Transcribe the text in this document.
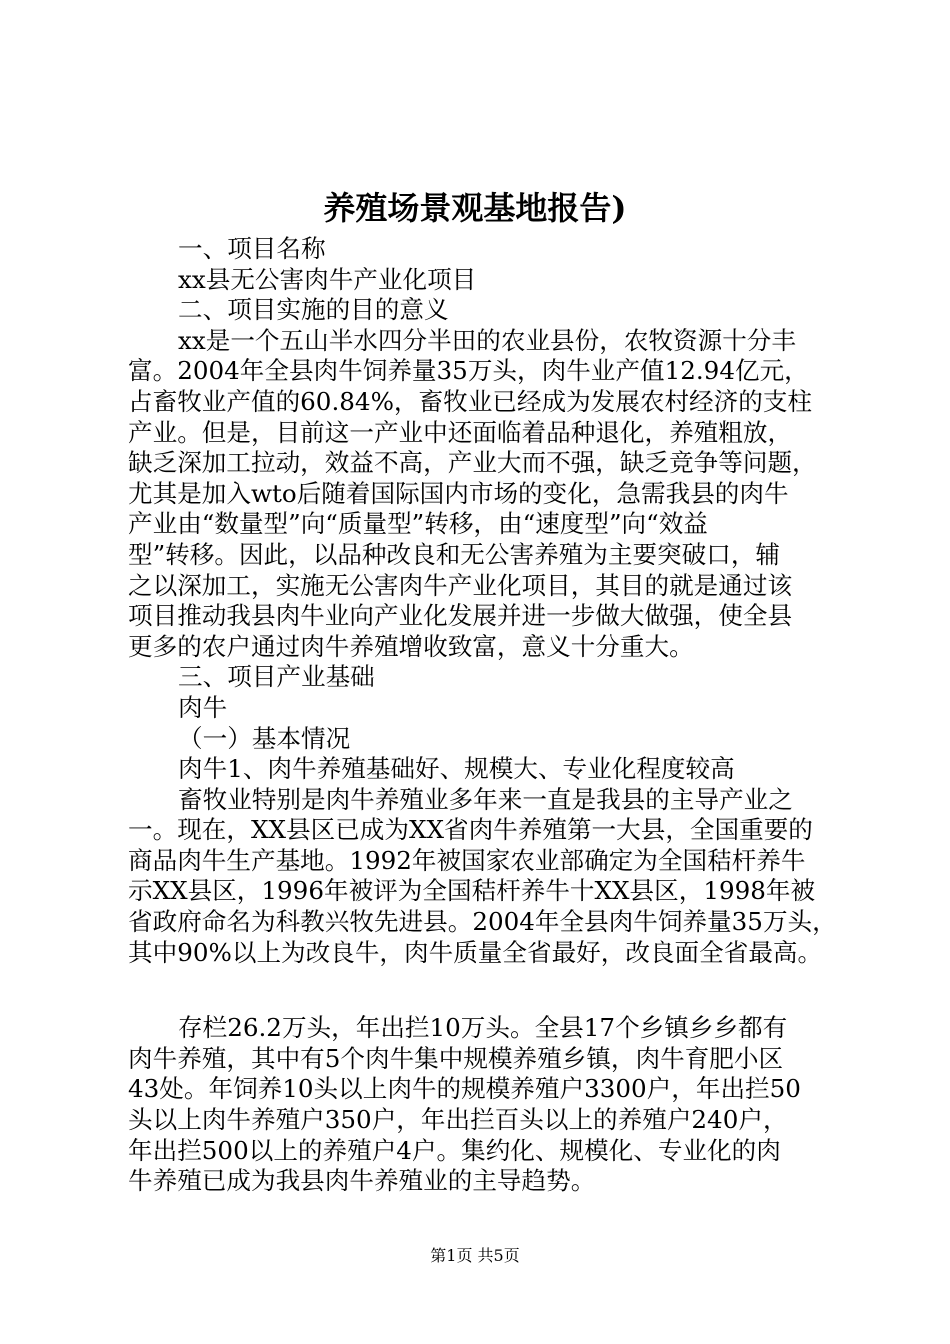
养殖场景观基地报告)
一、项目名称
xx县无公害肉牛产业化项目
二、项目实施的目的意义
xx是一个五山半水四分半田的农业县份，农牧资源十分丰
富。2004年全县肉牛饲养量35万头，肉牛业产值12.94亿元，
占畜牧业产值的60.84%，畜牧业已经成为发展农村经济的支柱
产业。但是，目前这一产业中还面临着品种退化，养殖粗放，
缺乏深加工拉动，效益不高，产业大而不强，缺乏竞争等问题，
尤其是加入wto后随着国际国内市场的变化，急需我县的肉牛
产业由“数量型”向“质量型”转移，由“速度型”向“效益
型”转移。因此，以品种改良和无公害养殖为主要突破口，辅
之以深加工，实施无公害肉牛产业化项目，其目的就是通过该
项目推动我县肉牛业向产业化发展并进一步做大做强，使全县
更多的农户通过肉牛养殖增收致富，意义十分重大。
三、项目产业基础
肉牛
（一）基本情况
肉牛1、肉牛养殖基础好、规模大、专业化程度较高
畜牧业特别是肉牛养殖业多年来一直是我县的主导产业之
一。现在，XX县区已成为XX省肉牛养殖第一大县，全国重要的
商品肉牛生产基地。1992年被国家农业部确定为全国秸杆养牛
示XX县区，1996年被评为全国秸杆养牛十XX县区，1998年被
省政府命名为科教兴牧先进县。2004年全县肉牛饲养量35万头，
其中90%以上为改良牛，肉牛质量全省最好，改良面全省最高。
存栏26.2万头，年出拦10万头。全县17个乡镇乡乡都有
肉牛养殖，其中有5个肉牛集中规模养殖乡镇，肉牛育肥小区
43处。年饲养10头以上肉牛的规模养殖户3300户，年出拦50
头以上肉牛养殖户350户，年出拦百头以上的养殖户240户，
年出拦500以上的养殖户4户。集约化、规模化、专业化的肉
牛养殖已成为我县肉牛养殖业的主导趋势。
第1页 共5页
